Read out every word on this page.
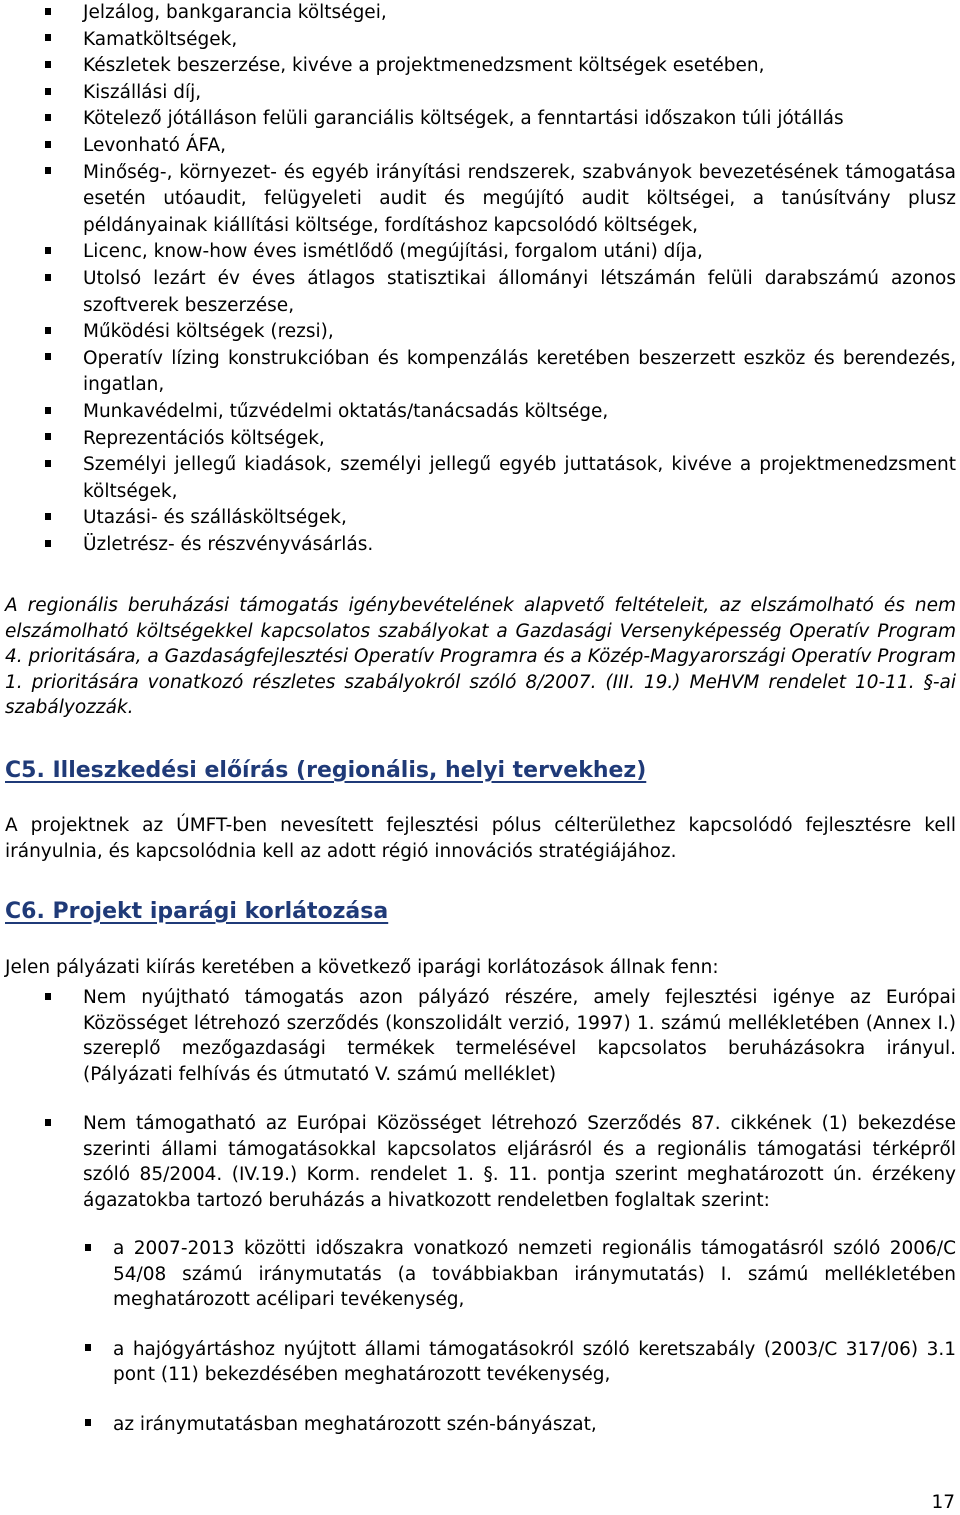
Jelzálog, bankgarancia költségei,
Kamatköltségek,
Készletek beszerzése, kivéve a projektmenedzsment költségek esetében,
Kiszállási díj,
Kötelező jótálláson felüli garanciális költségek, a fenntartási időszakon túli jótállás
Levonható ÁFA,
Minőség-, környezet- és egyéb irányítási rendszerek, szabványok bevezetésének támogatása esetén utóaudit, felügyeleti audit és megújító audit költségei, a tanúsítvány plusz példányainak kiállítási költsége, fordításhoz kapcsolódó költségek,
Licenc, know-how éves ismétlődő (megújítási, forgalom utáni) díja,
Utolsó lezárt év éves átlagos statisztikai állományi létszámán felüli darabszámú azonos szoftverek beszerzése,
Működési költségek (rezsi),
Operatív lízing konstrukcióban és kompenzálás keretében beszerzett eszköz és berendezés, ingatlan,
Munkavédelmi, tűzvédelmi oktatás/tanácsadás költsége,
Reprezentációs költségek,
Személyi jellegű kiadások, személyi jellegű egyéb juttatások, kivéve a projektmenedzsment költségek,
Utazási- és szállásköltségek,
Üzletrész- és részvényvásárlás.

A regionális beruházási támogatás igénybevételének alapvető feltételeit, az elszámolható és nem elszámolható költségekkel kapcsolatos szabályokat a Gazdasági Versenyképesség Operatív Program 4. prioritására, a Gazdaságfejlesztési Operatív Programra és a Közép-Magyarországi Operatív Program 1. prioritására vonatkozó részletes szabályokról szóló 8/2007. (III. 19.) MeHVM rendelet 10-11. §-ai szabályozzák.

C5. Illeszkedési előírás (regionális, helyi tervekhez)

A projektnek az ÚMFT-ben nevesített fejlesztési pólus célterülethez kapcsolódó fejlesztésre kell irányulnia, és kapcsolódnia kell az adott régió innovációs stratégiájához.

C6. Projekt iparági korlátozása

Jelen pályázati kiírás keretében a következő iparági korlátozások állnak fenn:

Nem nyújtható támogatás azon pályázó részére, amely fejlesztési igénye az Európai Közösséget létrehozó szerződés (konszolidált verzió, 1997) 1. számú mellékletében (Annex I.) szereplő mezőgazdasági termékek termelésével kapcsolatos beruházásokra irányul. (Pályázati felhívás és útmutató V. számú melléklet)
Nem támogatható az Európai Közösséget létrehozó Szerződés 87. cikkének (1) bekezdése szerinti állami támogatásokkal kapcsolatos eljárásról és a regionális támogatási térképről szóló 85/2004. (IV.19.) Korm. rendelet 1. §. 11. pontja szerint meghatározott ún. érzékeny ágazatokba tartozó beruházás a hivatkozott rendeletben foglaltak szerint:
a 2007-2013 közötti időszakra vonatkozó nemzeti regionális támogatásról szóló 2006/C 54/08 számú iránymutatás (a továbbiakban iránymutatás) I. számú mellékletében meghatározott acélipari tevékenység,
a hajógyártáshoz nyújtott állami támogatásokról szóló keretszabály (2003/C 317/06) 3.1 pont (11) bekezdésében meghatározott tevékenység,
az iránymutatásban meghatározott szén-bányászat,
17
